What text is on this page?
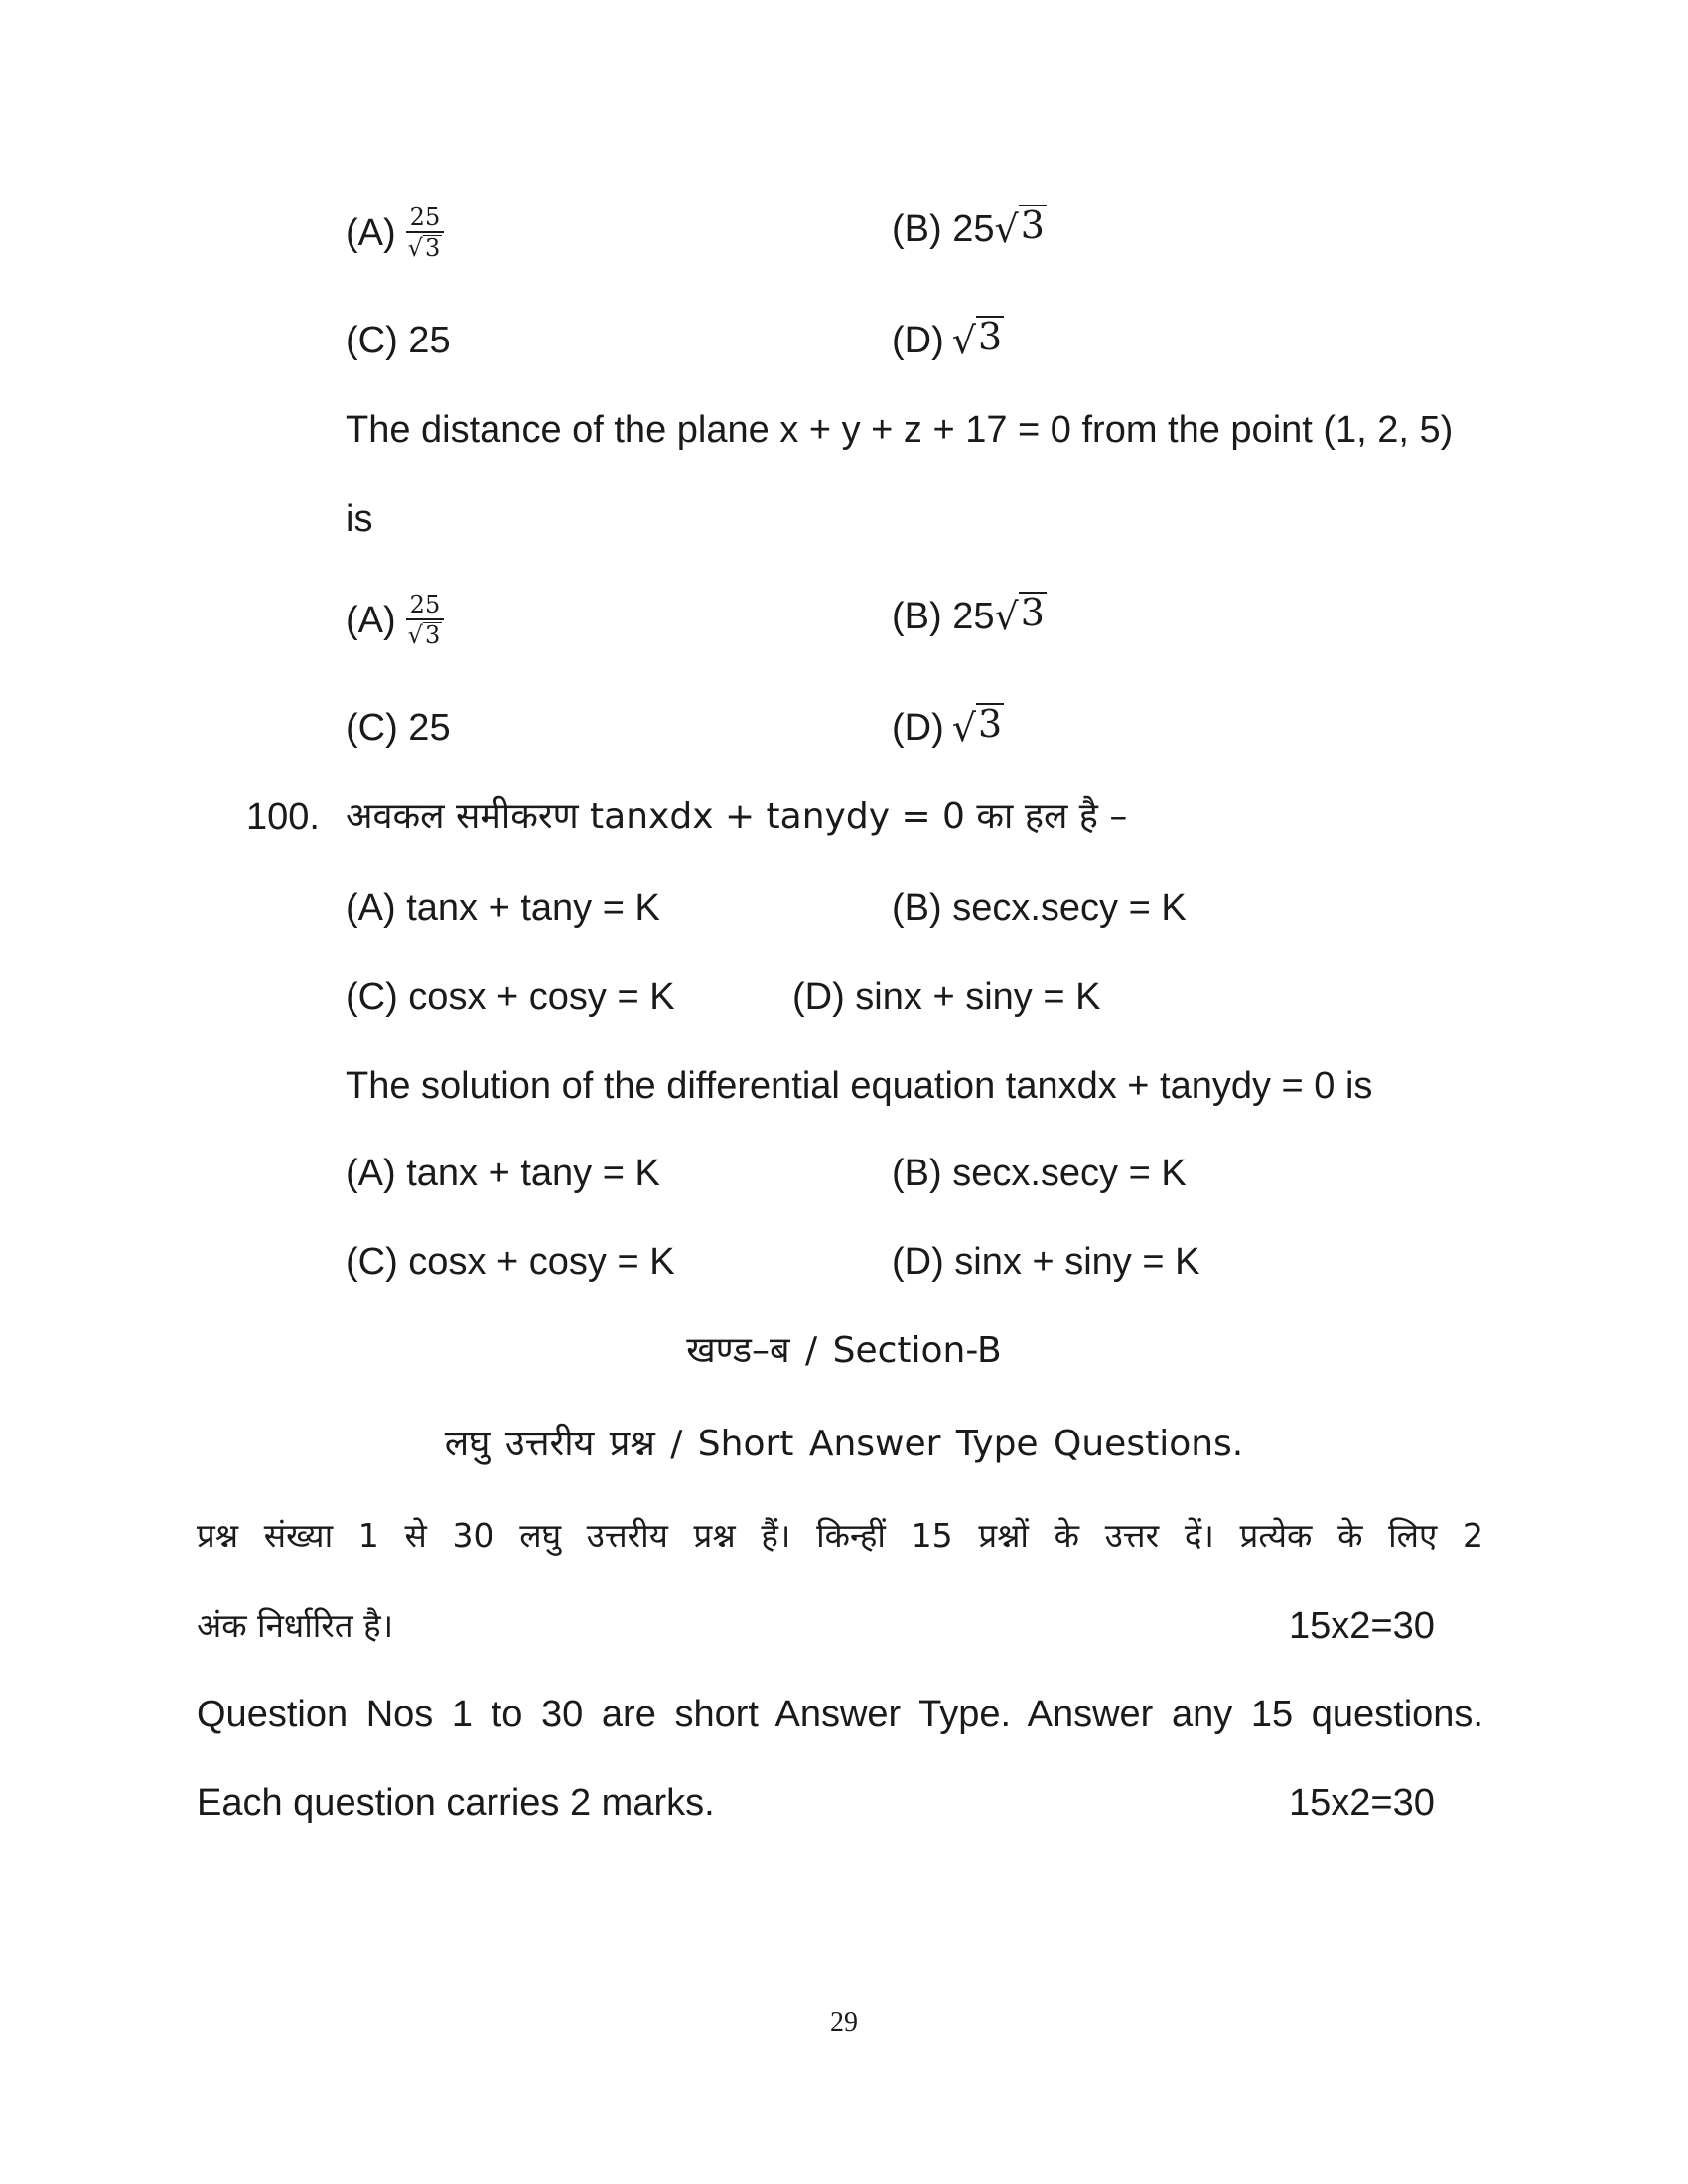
$(A) \frac{25}{√ 3}$	(B) 25 √ 3
(C) 25	(D) √ 3
The distance of the plane x + y + z + 17 = 0 from the point (1, 2, 5)
is
$(A) \frac{25}{√ 3}$	(B) 25 √ 3
(C) 25	(D) √ 3
100. अवकल समीकरण tanxdx + tanydy = 0 का हल है –
(A) tanx + tany = K	(B) secx.secy = K
(C) cosx + cosy = K	(D) sinx + siny = K
The solution of the differential equation tanxdx + tanydy = 0 is
(A) tanx + tany = K	(B) secx.secy = K
(C) cosx + cosy = K	(D) sinx + siny = K
खण्ड–ब / Section-B
लघु उत्तरीय प्रश्न / Short Answer Type Questions.
प्रश्न संख्या 1 से 30 लघु उत्तरीय प्रश्न हैं। किन्हीं 15 प्रश्नों के उत्तर दें। प्रत्येक के लिए 2
अंक निर्धारित है।	15x2=30
Question Nos 1 to 30 are short Answer Type. Answer any 15 questions.
Each question carries 2 marks.	15x2=30
29
